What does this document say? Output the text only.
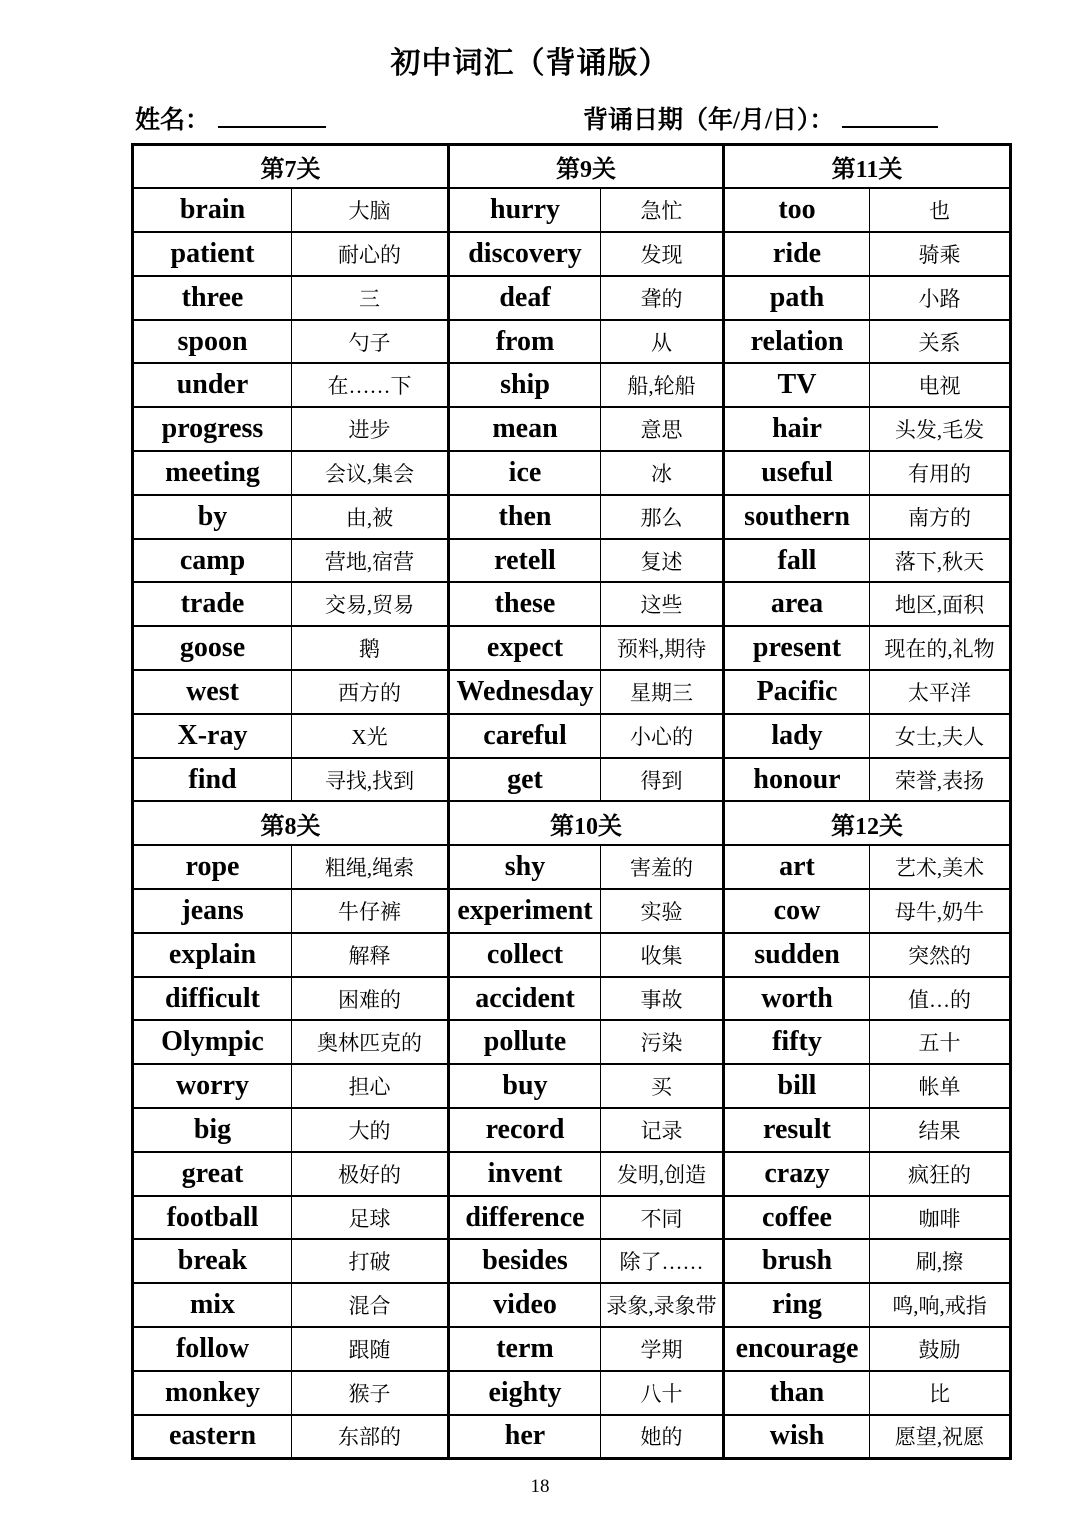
初中词汇（背诵版）
姓名：	背诵日期（年/月/日）：
第7关		第9关		第11关	
brain	大脑	hurry	急忙	too	也
patient	耐心的	discovery	发现	ride	骑乘
three	三	deaf	聋的	path	小路
spoon	勺子	from	从	relation	关系
under	在……下	ship	船,轮船	TV	电视
progress	进步	mean	意思	hair	头发,毛发
meeting	会议,集会	ice	冰	useful	有用的
by	由,被	then	那么	southern	南方的
camp	营地,宿营	retell	复述	fall	落下,秋天
trade	交易,贸易	these	这些	area	地区,面积
goose	鹅	expect	预料,期待	present	现在的,礼物
west	西方的	Wednesday	星期三	Pacific	太平洋
X-ray	X光	careful	小心的	lady	女士,夫人
find	寻找,找到	get	得到	honour	荣誉,表扬
第8关		第10关		第12关	
rope	粗绳,绳索	shy	害羞的	art	艺术,美术
jeans	牛仔裤	experiment	实验	cow	母牛,奶牛
explain	解释	collect	收集	sudden	突然的
difficult	困难的	accident	事故	worth	值…的
Olympic	奥林匹克的	pollute	污染	fifty	五十
worry	担心	buy	买	bill	帐单
big	大的	record	记录	result	结果
great	极好的	invent	发明,创造	crazy	疯狂的
football	足球	difference	不同	coffee	咖啡
break	打破	besides	除了……	brush	刷,擦
mix	混合	video	录象,录象带	ring	鸣,响,戒指
follow	跟随	term	学期	encourage	鼓励
monkey	猴子	eighty	八十	than	比
eastern	东部的	her	她的	wish	愿望,祝愿
18
